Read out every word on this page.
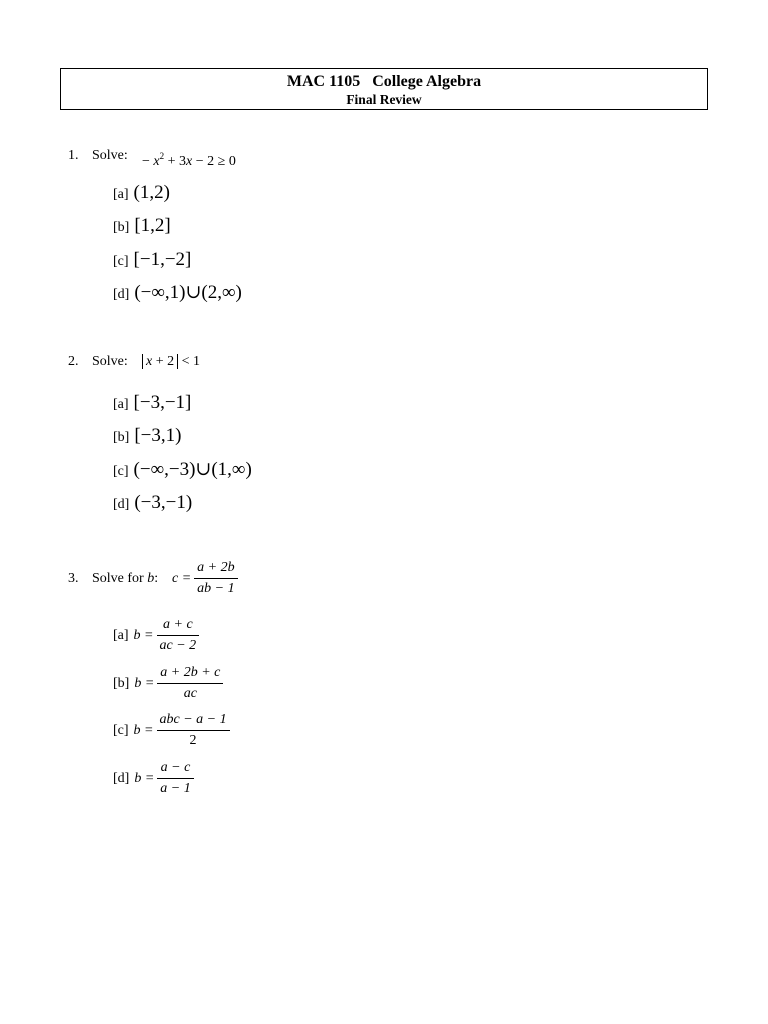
MAC 1105 College Algebra
Final Review
1. Solve: − $x^2 + 3x - 2 \ge 0$
[a] (1,2)
[b] [1,2]
[c] [−1,−2]
[d] (−∞,1)∪(2,∞)
2. Solve: x + 2 < 1
[a] [−3,−1]
[b] [−3,1)
[c] (−∞,−3)∪(1,∞)
[d] (−3,−1)
3. Solve for b: $c = \frac{a + 2b}{ab - 1}$
[a] $b = \frac{a + c}{ac - 2}$
[b] $b = \frac{a + 2b + c}{ac}$
[c] $b = \frac{\text{abc − a − 1}}{2}$
[d] $b = \frac{a - c}{a - 1}$
